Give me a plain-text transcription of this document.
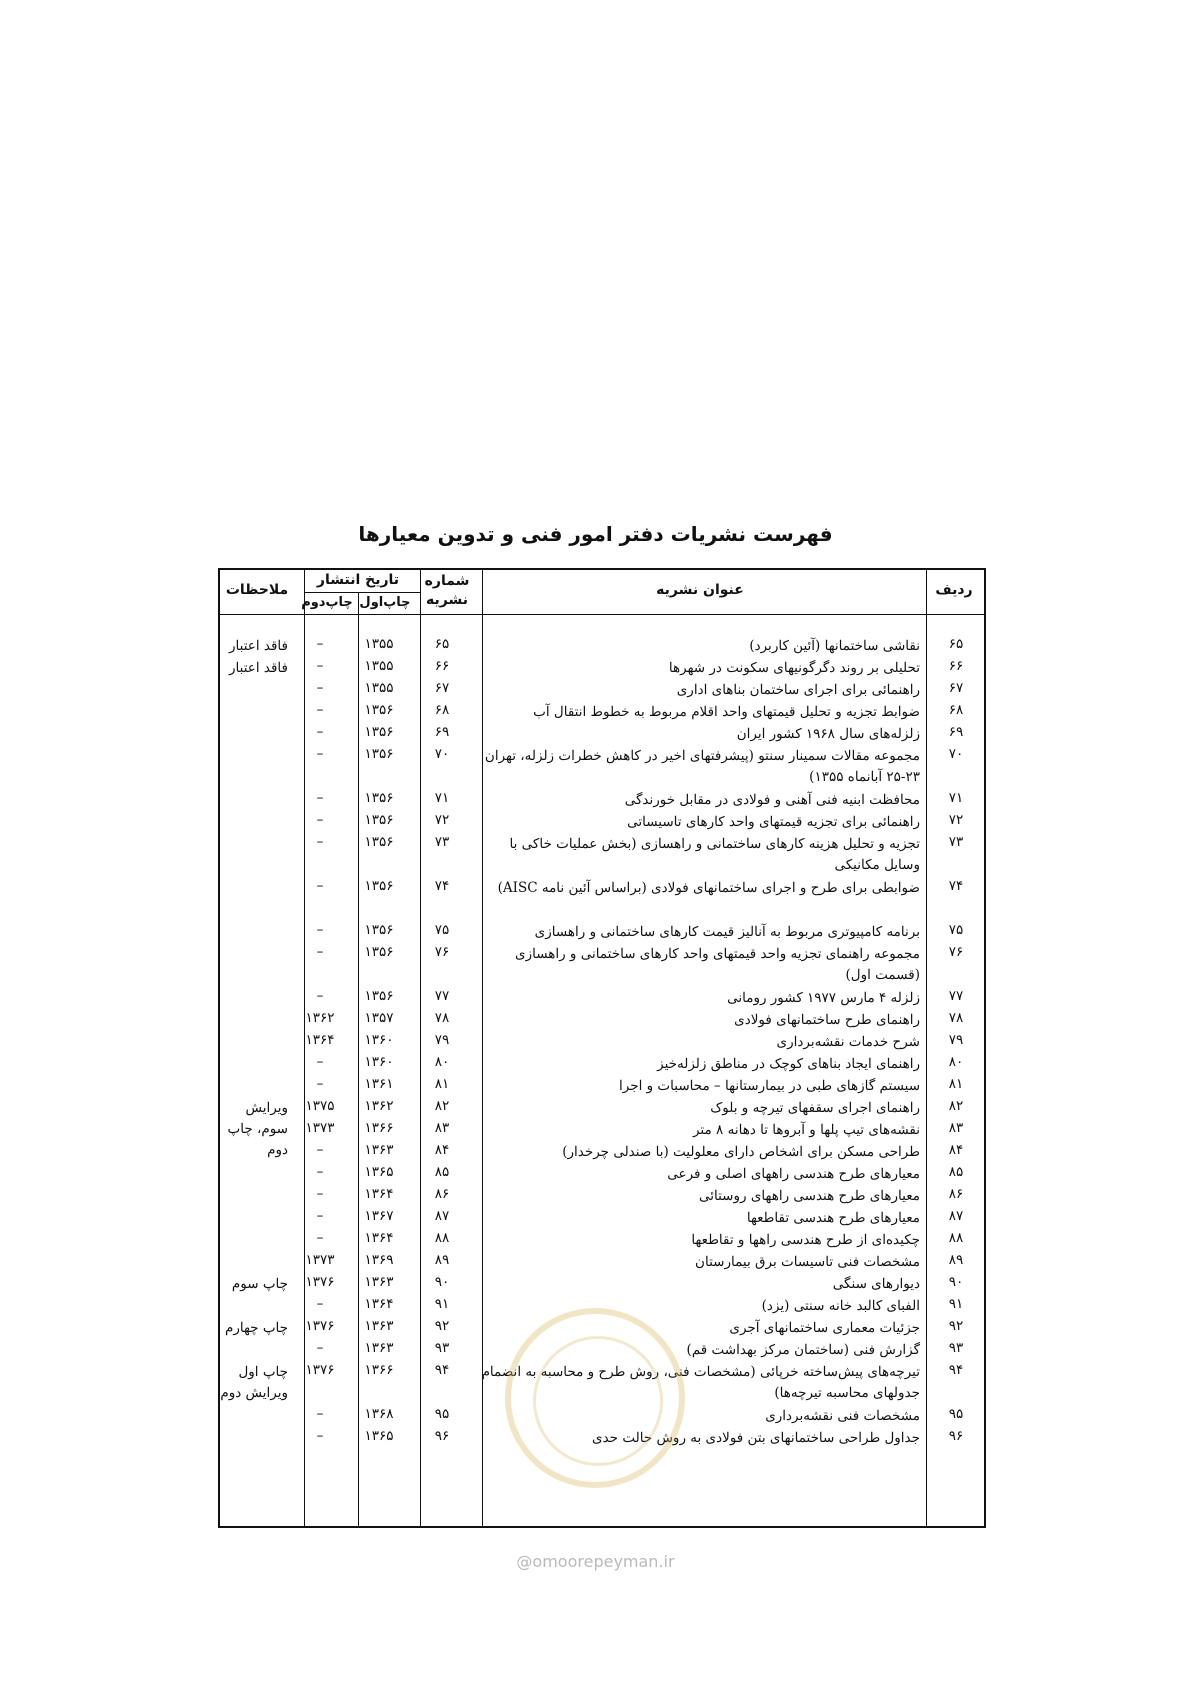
فهرست نشریات دفتر امور فنی و تدوین معیارها
ردیف
عنوان نشریه
شماره نشریه
تاریخ انتشار
چاپ‌اول
چاپ‌دوم
ملاحظات
۶۵
نقاشی ساختمانها (آئین کاربرد)
۶۵
۱۳۵۵
–
فاقد اعتبار
۶۶
تحلیلی بر روند دگرگونیهای سکونت در شهرها
۶۶
۱۳۵۵
–
فاقد اعتبار
۶۷
راهنمائی برای اجرای ساختمان بناهای اداری
۶۷
۱۳۵۵
–
۶۸
ضوابط تجزیه و تحلیل قیمتهای واحد اقلام مربوط به خطوط انتقال آب
۶۸
۱۳۵۶
–
۶۹
زلزله‌های سال ۱۹۶۸ کشور ایران
۶۹
۱۳۵۶
–
۷۰
مجموعه مقالات سمینار سنتو (پیشرفتهای اخیر در کاهش خطرات زلزله، تهران ۲۳-۲۵ آبانماه ۱۳۵۵)
۷۰
۱۳۵۶
–
۷۱
محافظت ابنیه فنی آهنی و فولادی در مقابل خورندگی
۷۱
۱۳۵۶
–
۷۲
راهنمائی برای تجزیه قیمتهای واحد کارهای تاسیساتی
۷۲
۱۳۵۶
–
۷۳
تجزیه و تحلیل هزینه کارهای ساختمانی و راهسازی (بخش عملیات خاکی با وسایل مکانیکی
۷۳
۱۳۵۶
–
۷۴
ضوابطی برای طرح و اجرای ساختمانهای فولادی (براساس آئین نامه AISC)
۷۴
۱۳۵۶
–
۷۵
برنامه کامپیوتری مربوط به آنالیز قیمت کارهای ساختمانی و راهسازی
۷۵
۱۳۵۶
–
۷۶
مجموعه راهنمای تجزیه واحد قیمتهای واحد کارهای ساختمانی و راهسازی (قسمت اول)
۷۶
۱۳۵۶
–
۷۷
زلزله ۴ مارس ۱۹۷۷ کشور رومانی
۷۷
۱۳۵۶
–
۷۸
راهنمای طرح ساختمانهای فولادی
۷۸
۱۳۵۷
۱۳۶۲
۷۹
شرح خدمات نقشه‌برداری
۷۹
۱۳۶۰
۱۳۶۴
۸۰
راهنمای ایجاد بناهای کوچک در مناطق زلزله‌خیز
۸۰
۱۳۶۰
–
۸۱
سیستم گازهای طبی در بیمارستانها – محاسبات و اجرا
۸۱
۱۳۶۱
–
۸۲
راهنمای اجرای سقفهای تیرچه و بلوک
۸۲
۱۳۶۲
۱۳۷۵
ویرایش سوم، چاپ دوم
۸۳
نقشه‌های تیپ پلها و آبروها تا دهانه ۸ متر
۸۳
۱۳۶۶
۱۳۷۳
۸۴
طراحی مسکن برای اشخاص دارای معلولیت (با صندلی چرخدار)
۸۴
۱۳۶۳
–
۸۵
معیارهای طرح هندسی راههای اصلی و فرعی
۸۵
۱۳۶۵
–
۸۶
معیارهای طرح هندسی راههای روستائی
۸۶
۱۳۶۴
–
۸۷
معیارهای طرح هندسی تقاطعها
۸۷
۱۳۶۷
–
۸۸
چکیده‌ای از طرح هندسی راهها و تقاطعها
۸۸
۱۳۶۴
–
۸۹
مشخصات فنی تاسیسات برق بیمارستان
۸۹
۱۳۶۹
۱۳۷۳
۹۰
دیوارهای سنگی
۹۰
۱۳۶۳
۱۳۷۶
چاپ سوم
۹۱
الفبای کالبد خانه سنتی (یزد)
۹۱
۱۳۶۴
–
۹۲
جزئیات معماری ساختمانهای آجری
۹۲
۱۳۶۳
۱۳۷۶
چاپ چهارم
۹۳
گزارش فنی (ساختمان مرکز بهداشت قم)
۹۳
۱۳۶۳
–
۹۴
تیرچه‌های پیش‌ساخته خرپائی (مشخصات فنی، روش طرح و محاسبه به انضمام جدولهای محاسبه تیرچه‌ها)
۹۴
۱۳۶۶
۱۳۷۶
چاپ اول ویرایش دوم
۹۵
مشخصات فنی نقشه‌برداری
۹۵
۱۳۶۸
–
۹۶
جداول طراحی ساختمانهای بتن فولادی به روش حالت حدی
۹۶
۱۳۶۵
–
@omoorepeyman.ir
